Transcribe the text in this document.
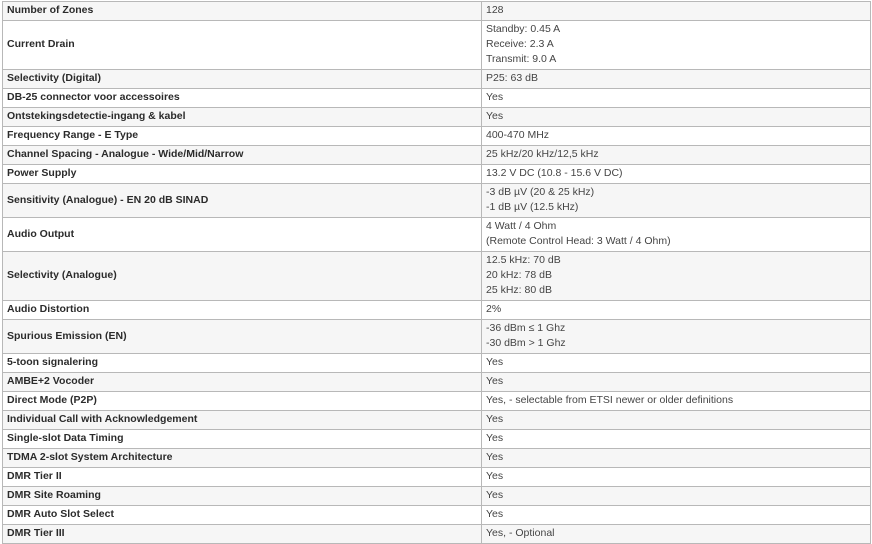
Number of Zones	128

Current Drain	Standby: 0.45 A
Receive: 2.3 A
Transmit: 9.0 A

Selectivity (Digital)	P25: 63 dB

DB-25 connector voor accessoires	Yes

Ontstekingsdetectie-ingang & kabel	Yes

Frequency Range - E Type	400-470 MHz

Channel Spacing - Analogue - Wide/Mid/Narrow	25 kHz/20 kHz/12,5 kHz

Power Supply	13.2 V DC (10.8 - 15.6 V DC)

Sensitivity (Analogue) - EN 20 dB SINAD	-3 dB µV (20 & 25 kHz)
-1 dB µV (12.5 kHz)

Audio Output	4 Watt / 4 Ohm
(Remote Control Head: 3 Watt / 4 Ohm)

Selectivity (Analogue)	12.5 kHz: 70 dB
20 kHz: 78 dB
25 kHz: 80 dB

Audio Distortion	2%

Spurious Emission (EN)	-36 dBm ≤ 1 Ghz
-30 dBm > 1 Ghz

5-toon signalering	Yes

AMBE+2 Vocoder	Yes

Direct Mode (P2P)	Yes, - selectable from ETSI newer or older definitions

Individual Call with Acknowledgement	Yes

Single-slot Data Timing	Yes

TDMA 2-slot System Architecture	Yes

DMR Tier II	Yes

DMR Site Roaming	Yes

DMR Auto Slot Select	Yes

DMR Tier III	Yes, - Optional
